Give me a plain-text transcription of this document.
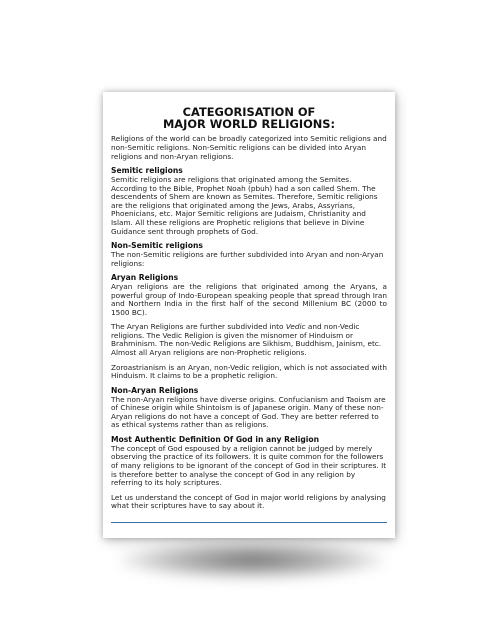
CATEGORISATION OF
MAJOR WORLD RELIGIONS:

Religions of the world can be broadly categorized into Semitic religions and non-Semitic religions. Non-Semitic religions can be divided into Aryan religions and non-Aryan religions.

Semitic religions

Semitic religions are religions that originated among the Semites. According to the Bible, Prophet Noah (pbuh) had a son called Shem. The descendents of Shem are known as Semites. Therefore, Semitic religions are the religions that originated among the Jews, Arabs, Assyrians, Phoenicians, etc. Major Semitic religions are Judaism, Christianity and Islam. All these religions are Prophetic religions that believe in Divine Guidance sent through prophets of God.

Non-Semitic religions

The non-Semitic religions are further subdivided into Aryan and non-Aryan religions:

Aryan Religions

Aryan religions are the religions that originated among the Aryans, a powerful group of Indo-European speaking people that spread through Iran and Northern India in the first half of the second Millenium BC (2000 to 1500 BC).

The Aryan Religions are further subdivided into Vedic and non-Vedic religions. The Vedic Religion is given the misnomer of Hinduism or Brahminism. The non-Vedic Religions are Sikhism, Buddhism, Jainism, etc. Almost all Aryan religions are non-Prophetic religions.

Zoroastrianism is an Aryan, non-Vedic religion, which is not associated with Hinduism. It claims to be a prophetic religion.

Non-Aryan Religions

The non-Aryan religions have diverse origins. Confucianism and Taoism are of Chinese origin while Shintoism is of Japanese origin. Many of these non-Aryan religions do not have a concept of God. They are better referred to as ethical systems rather than as religions.

Most Authentic Definition Of God in any Religion

The concept of God espoused by a religion cannot be judged by merely observing the practice of its followers. It is quite common for the followers of many religions to be ignorant of the concept of God in their scriptures. It is therefore better to analyse the concept of God in any religion by referring to its holy scriptures.

Let us understand the concept of God in major world religions by analysing what their scriptures have to say about it.
